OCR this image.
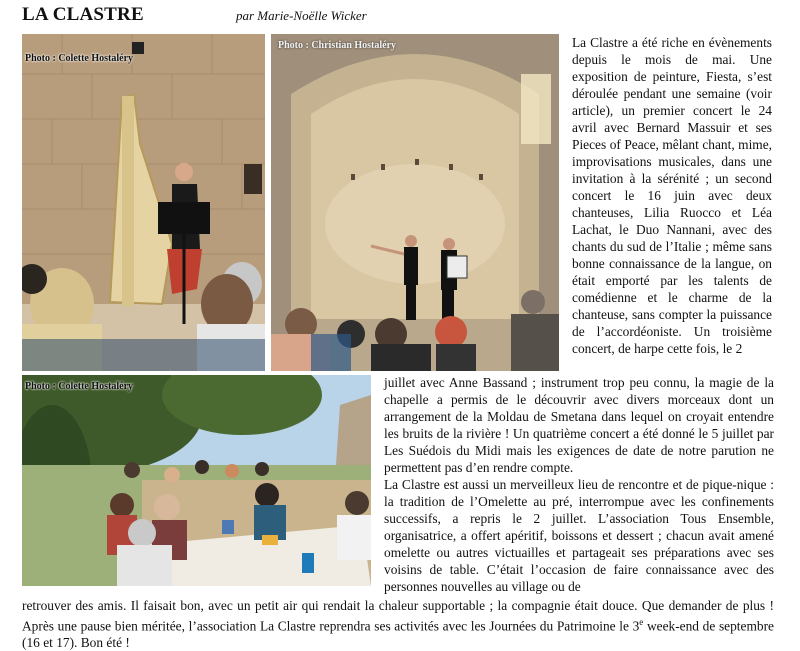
LA CLASTRE	par Marie-Noëlle Wicker
Photo : Colette Hostaléry
Photo : Christian Hostaléry
Photo : Colette Hostaléry

La Clastre a été riche en évènements depuis le mois de mai. Une exposition de peinture, Fiesta, s’est déroulée pendant une semaine (voir article), un premier concert le 24 avril avec Bernard Massuir et ses Pieces of Peace, mêlant chant, mime, improvisations musicales, dans une invitation à la sérénité ; un second concert le 16 juin avec deux chanteuses, Lilia Ruocco et Léa Lachat, le Duo Nannani, avec des chants du sud de l’Italie ; même sans bonne connaissance de la langue, on était emporté par les talents de comédienne et le charme de la chanteuse, sans compter la puissance de l’accordéoniste. Un troisième concert, de harpe cette fois, le 2

juillet avec Anne Bassand ; instrument trop peu connu, la magie de la chapelle a permis de le découvrir avec divers morceaux dont un arrangement de la Moldau de Smetana dans lequel on croyait entendre les bruits de la rivière ! Un quatrième concert a été donné le 5 juillet par Les Suédois du Midi mais les exigences de date de notre parution ne permettent pas d’en rendre compte.

La Clastre est aussi un merveilleux lieu de rencontre et de pique-nique : la tradition de l’Omelette au pré, interrompue avec les confinements successifs, a repris le 2 juillet. L’association Tous Ensemble, organisatrice, a offert apéritif, boissons et dessert ; chacun avait amené omelette ou autres victuailles et partageait ses préparations avec ses voisins de table. C’était l’occasion de faire connaissance avec des personnes nouvelles au village ou de

retrouver des amis. Il faisait bon, avec un petit air qui rendait la chaleur supportable ; la compagnie était douce. Que demander de plus ! Après une pause bien méritée, l’association La Clastre reprendra ses activités avec les Journées du Patrimoine le 3e week-end de septembre (16 et 17). Bon été !
